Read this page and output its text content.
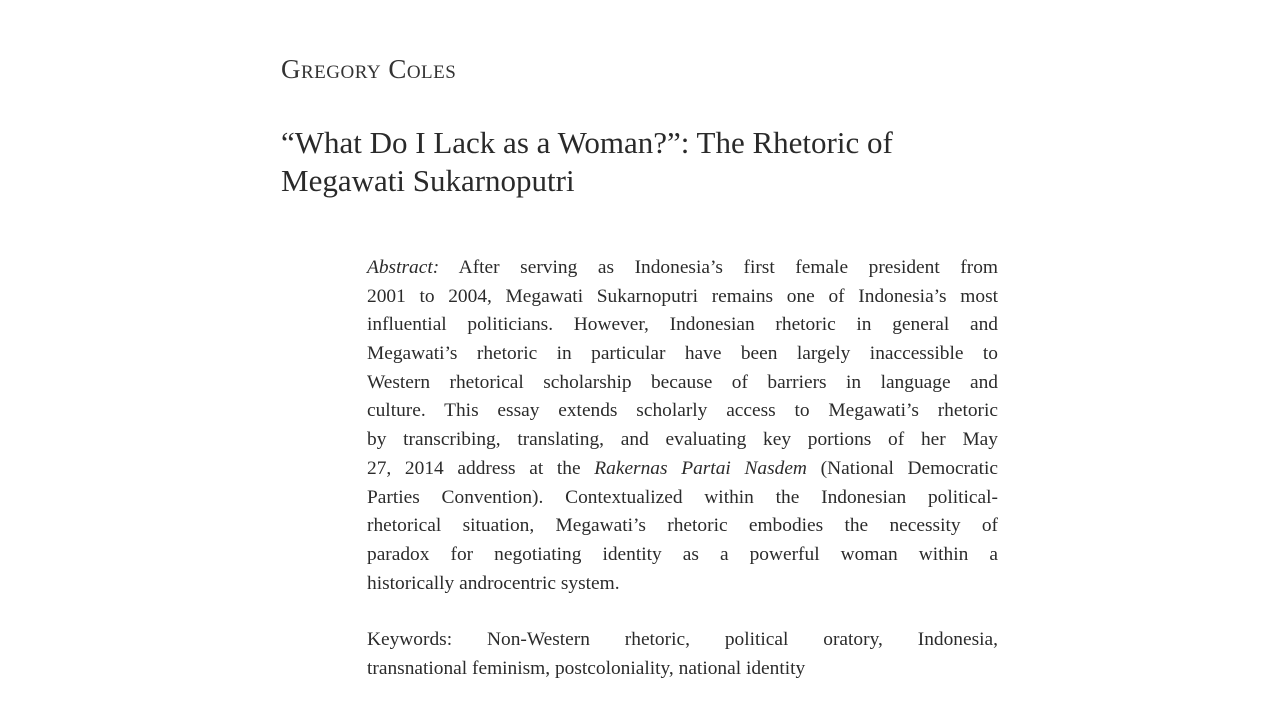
Gregory Coles
“What Do I Lack as a Woman?”: The Rhetoric of
Megawati Sukarnoputri
Abstract: After serving as Indonesia’s first female president from
2001 to 2004, Megawati Sukarnoputri remains one of Indonesia’s most
influential politicians. However, Indonesian rhetoric in general and
Megawati’s rhetoric in particular have been largely inaccessible to
Western rhetorical scholarship because of barriers in language and
culture. This essay extends scholarly access to Megawati’s rhetoric
by transcribing, translating, and evaluating key portions of her May
27, 2014 address at the Rakernas Partai Nasdem (National Democratic
Parties Convention). Contextualized within the Indonesian political-
rhetorical situation, Megawati’s rhetoric embodies the necessity of
paradox for negotiating identity as a powerful woman within a
historically androcentric system.
Keywords: Non-Western rhetoric, political oratory, Indonesia,
transnational feminism, postcoloniality, national identity
